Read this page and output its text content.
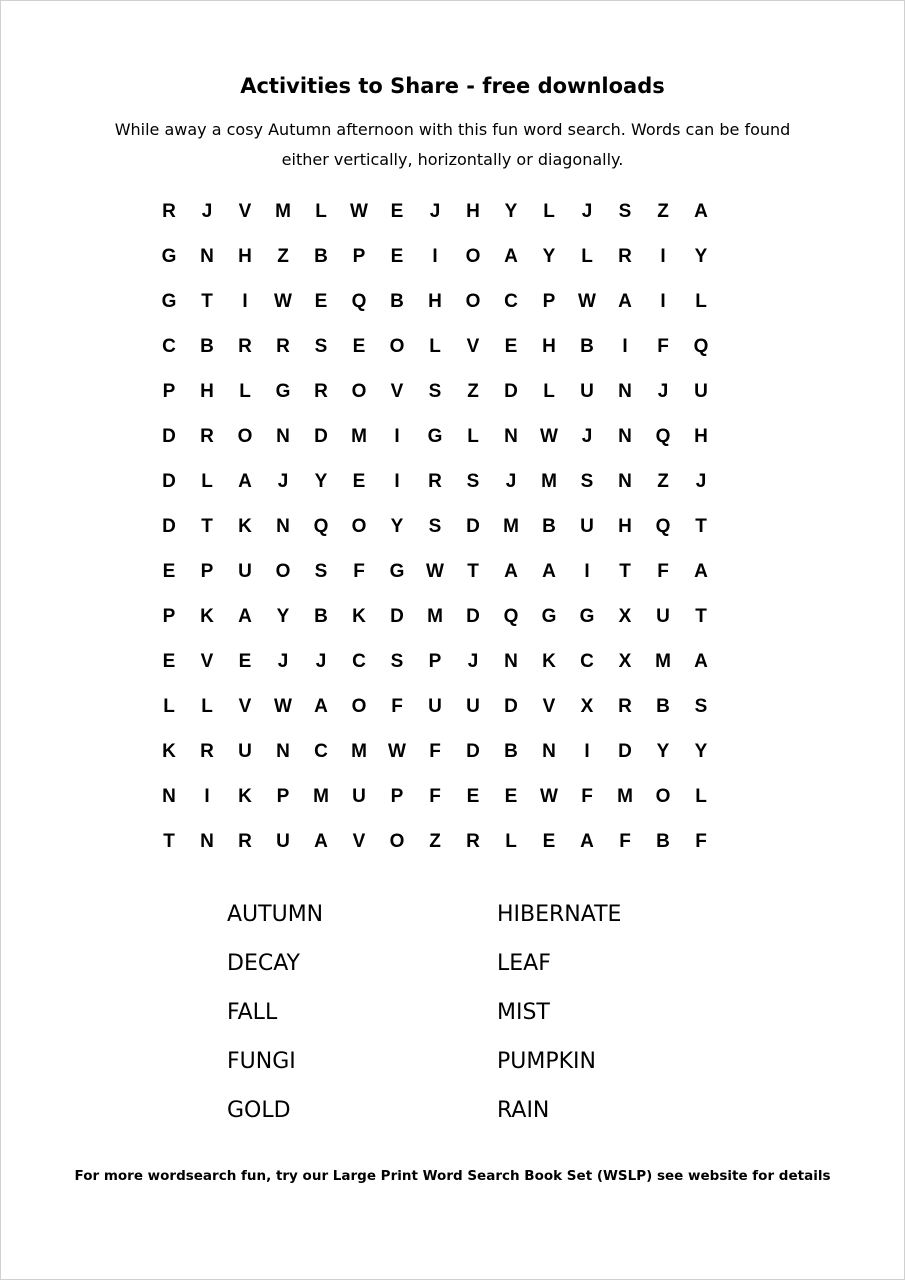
Activities to Share - free downloads
While away a cosy Autumn afternoon with this fun word search. Words can be found either vertically, horizontally or diagonally.
R	J	V	M	L	W	E	J	H	Y	L	J	S	Z	A
G	N	H	Z	B	P	E	I	O	A	Y	L	R	I	Y
G	T	I	W	E	Q	B	H	O	C	P	W	A	I	L
C	B	R	R	S	E	O	L	V	E	H	B	I	F	Q
P	H	L	G	R	O	V	S	Z	D	L	U	N	J	U
D	R	O	N	D	M	I	G	L	N	W	J	N	Q	H
D	L	A	J	Y	E	I	R	S	J	M	S	N	Z	J
D	T	K	N	Q	O	Y	S	D	M	B	U	H	Q	T
E	P	U	O	S	F	G	W	T	A	A	I	T	F	A
P	K	A	Y	B	K	D	M	D	Q	G	G	X	U	T
E	V	E	J	J	C	S	P	J	N	K	C	X	M	A
L	L	V	W	A	O	F	U	U	D	V	X	R	B	S
K	R	U	N	C	M	W	F	D	B	N	I	D	Y	Y
N	I	K	P	M	U	P	F	E	E	W	F	M	O	L
T	N	R	U	A	V	O	Z	R	L	E	A	F	B	F
AUTUMN
DECAY
FALL
FUNGI
GOLD
HIBERNATE
LEAF
MIST
PUMPKIN
RAIN
For more wordsearch fun, try our Large Print Word Search Book Set (WSLP) see website for details
